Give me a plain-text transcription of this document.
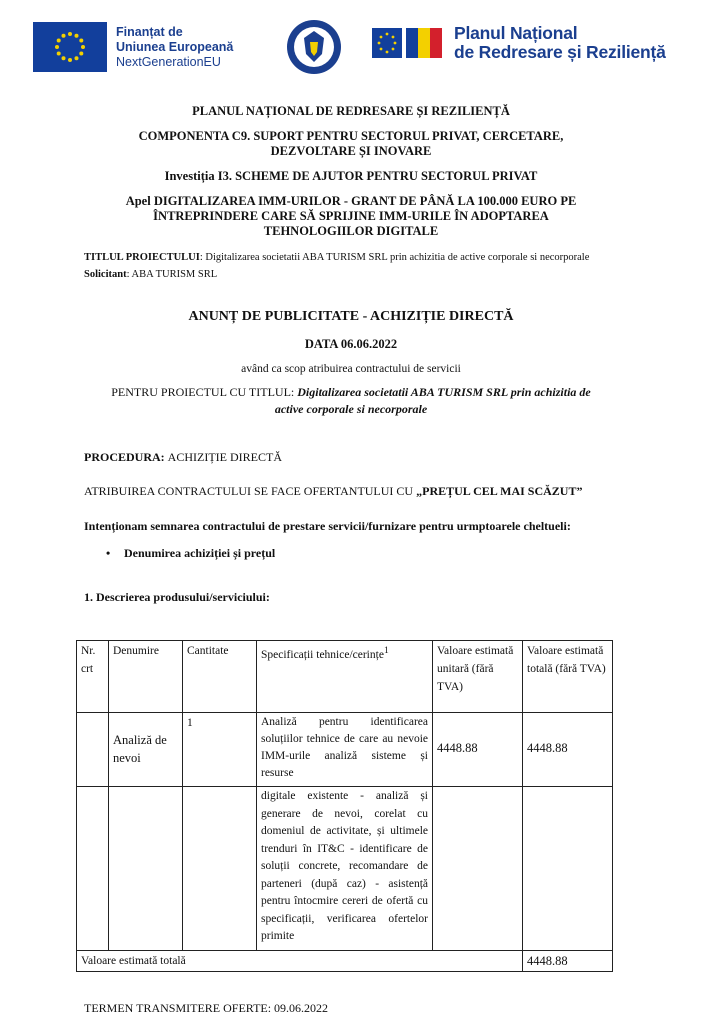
Finanțat de
Uniunea Europeană
NextGenerationEU
Planul Național
de Redresare și Reziliență
PLANUL NAȚIONAL DE REDRESARE ȘI REZILIENȚĂ
COMPONENTA C9. SUPORT PENTRU SECTORUL PRIVAT, CERCETARE,
DEZVOLTARE ȘI INOVARE
Investiția I3. SCHEME DE AJUTOR PENTRU SECTORUL PRIVAT
Apel DIGITALIZAREA IMM-URILOR - GRANT DE PÂNĂ LA 100.000 EURO PE
ÎNTREPRINDERE CARE SĂ SPRIJINE IMM-URILE ÎN ADOPTAREA
TEHNOLOGIILOR DIGITALE
TITLUL PROIECTULUI: Digitalizarea societatii ABA TURISM SRL prin achizitia de active corporale si necorporale
Solicitant: ABA TURISM SRL
ANUNȚ DE PUBLICITATE - ACHIZIȚIE DIRECTĂ
DATA 06.06.2022
având ca scop atribuirea contractului de servicii
PENTRU PROIECTUL CU TITLUL: Digitalizarea societatii ABA TURISM SRL prin achizitia de
active corporale si necorporale
PROCEDURA: ACHIZIȚIE DIRECTĂ
ATRIBUIREA CONTRACTULUI SE FACE OFERTANTULUI CU „PREȚUL CEL MAI SCĂZUT”
Intenționam semnarea contractului de prestare servicii/furnizare pentru urmptoarele cheltueli:
• Denumirea achiziției și prețul
1. Descrierea produsului/serviciului:
Nr. crt	Denumire	Cantitate	Specificații tehnice/cerințe$^1$	Valoare estimată unitară (fără TVA)	Valoare estimată totală (fără TVA)
	Analiză de nevoi	1	Analiză pentru identificarea soluțiilor tehnice de care au nevoie IMM-urile analiză sisteme și resurse	4448.88	4448.88
			digitale existente - analiză și generare de nevoi, corelat cu domeniul de activitate, și ultimele trenduri în IT&C - identificare de soluții concrete, recomandare de parteneri (după caz) - asistență pentru întocmire cereri de ofertă cu specificații, verificarea ofertelor primite		
Valoare estimată totală					4448.88
TERMEN TRANSMITERE OFERTE: 09.06.2022
